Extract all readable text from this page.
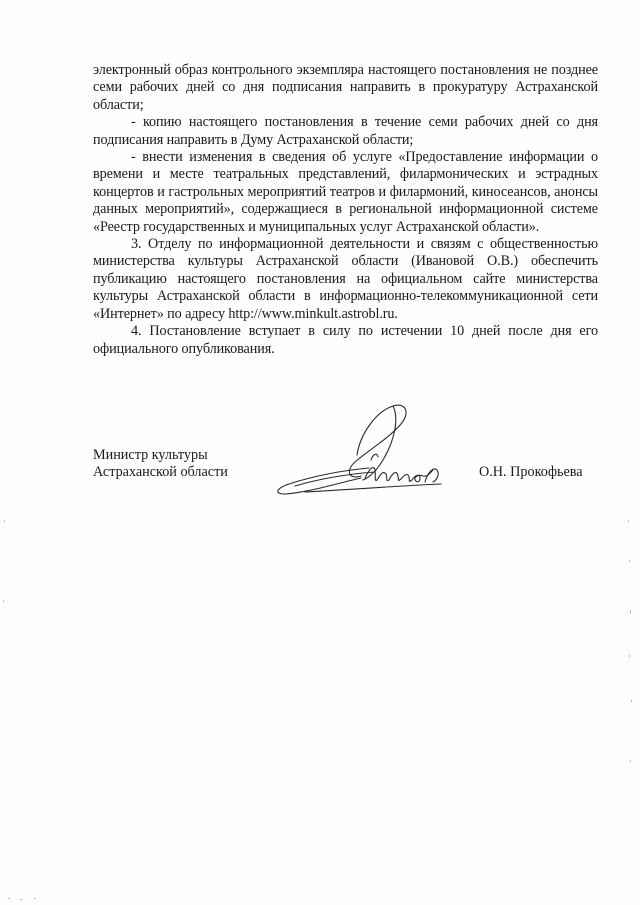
электронный образ контрольного экземпляра настоящего постановления не позднее семи рабочих дней со дня подписания направить в прокуратуру Астраханской области;

- копию настоящего постановления в течение семи рабочих дней со дня подписания направить в Думу Астраханской области;

- внести изменения в сведения об услуге «Предоставление информации о времени и месте театральных представлений, филармонических и эстрадных концертов и гастрольных мероприятий театров и филармоний, киносеансов, анонсы данных мероприятий», содержащиеся в региональной информационной системе «Реестр государственных и муниципальных услуг Астраханской области».

3. Отделу по информационной деятельности и связям с общественностью министерства культуры Астраханской области (Ивановой О.В.) обеспечить публикацию настоящего постановления на официальном сайте министерства культуры Астраханской области в информационно-телекоммуникационной сети «Интернет» по адресу http://www.minkult.astrobl.ru.

4. Постановление вступает в силу по истечении 10 дней после дня его официального опубликования.

Министр культуры
Астраханской области	О.Н. Прокофьева
